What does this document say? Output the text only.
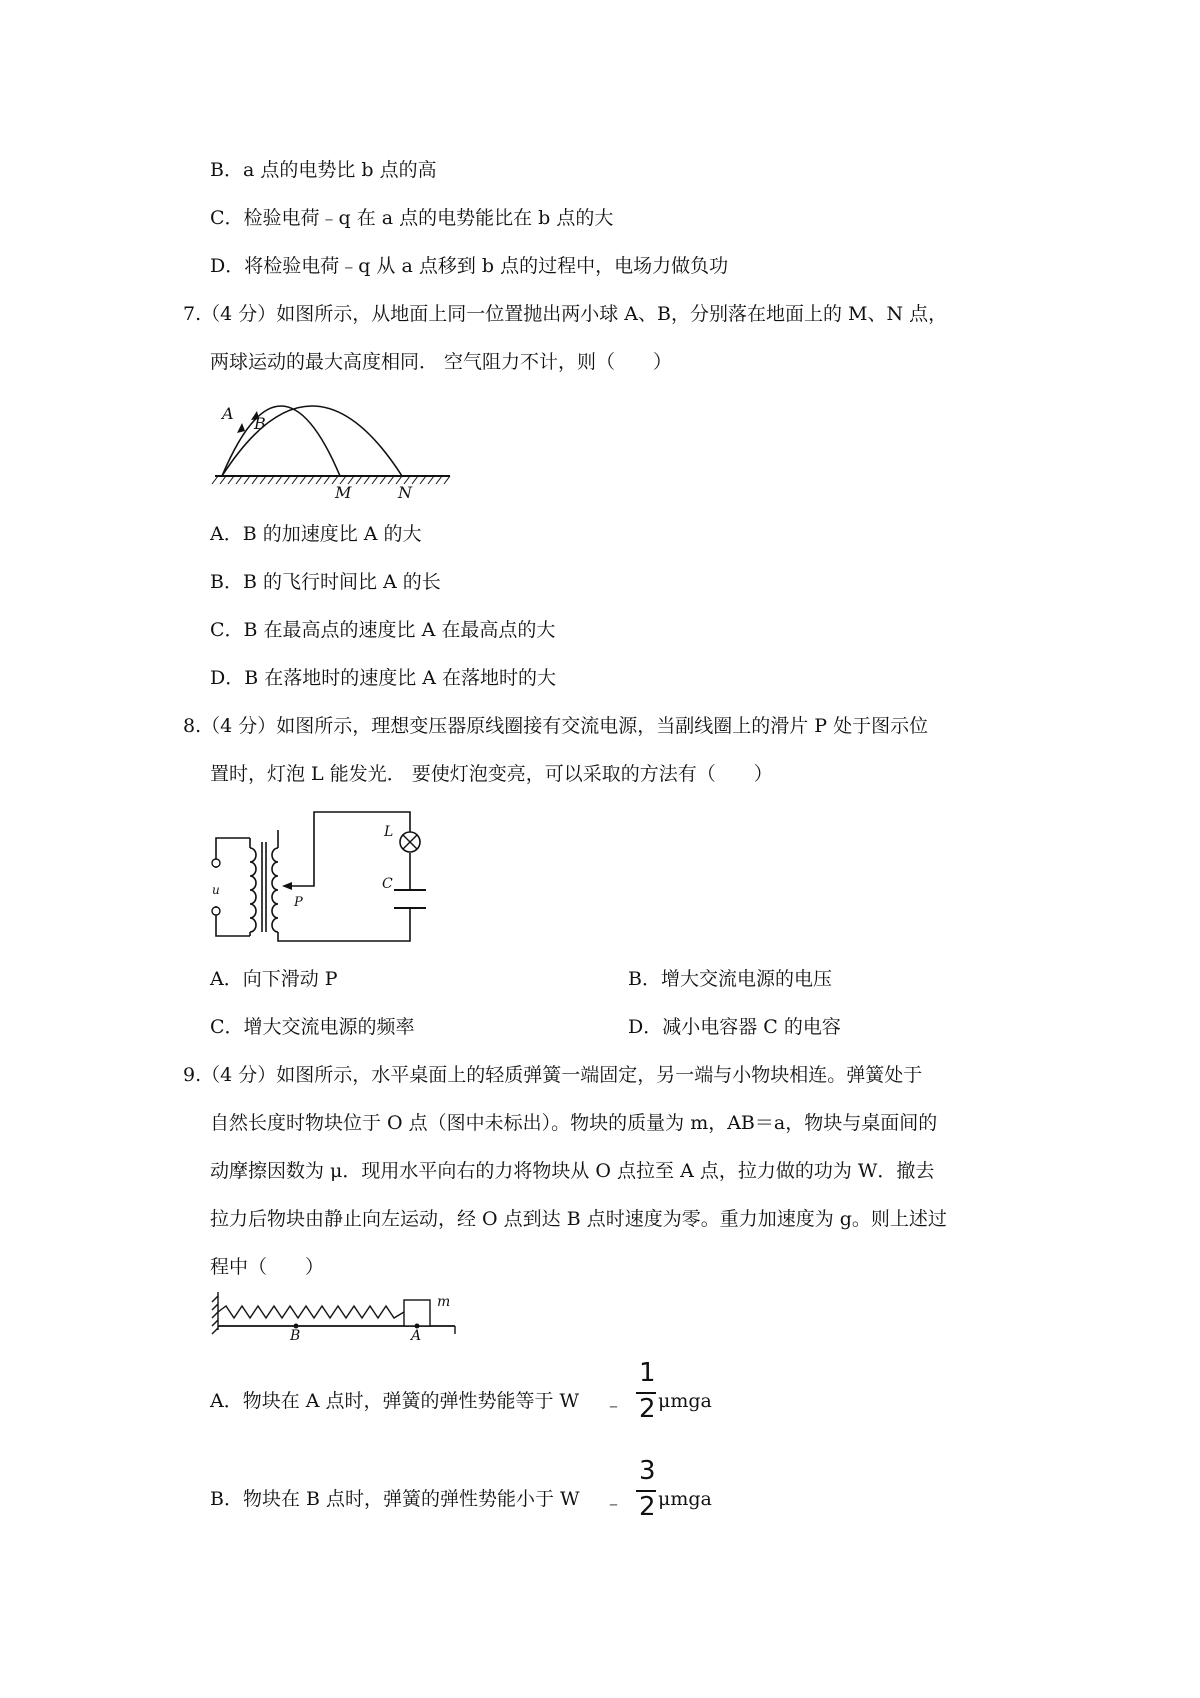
B．a 点的电势比 b 点的高
C．检验电荷﹣q 在 a 点的电势能比在 b 点的大
D．将检验电荷﹣q 从 a 点移到 b 点的过程中，电场力做负功
7.（4 分）如图所示，从地面上同一位置抛出两小球 A、B，分别落在地面上的 M、N 点，
两球运动的最大高度相同． 空气阻力不计，则（　　）
A
B
M	N
A．B 的加速度比 A 的大
B．B 的飞行时间比 A 的长
C．B 在最高点的速度比 A 在最高点的大
D．B 在落地时的速度比 A 在落地时的大
8.（4 分）如图所示，理想变压器原线圈接有交流电源，当副线圈上的滑片 P 处于图示位
置时，灯泡 L 能发光． 要使灯泡变亮，可以采取的方法有（　　）
u
L
C
P
A．向下滑动 P	B．增大交流电源的电压
C．增大交流电源的频率	D．减小电容器 C 的电容
9.（4 分）如图所示，水平桌面上的轻质弹簧一端固定，另一端与小物块相连。弹簧处于
自然长度时物块位于 O 点（图中未标出）。物块的质量为 m，AB＝a，物块与桌面间的
动摩擦因数为 μ．现用水平向右的力将物块从 O 点拉至 A 点，拉力做的功为 W．撤去
拉力后物块由静止向左运动，经 O 点到达 B 点时速度为零。重力加速度为 g。则上述过
程中（　　）
B	A
m
A．物块在 A 点时，弹簧的弹性势能等于 W ﹣
1
2 μmga
B．物块在 B 点时，弹簧的弹性势能小于 W ﹣
3
2 μmga
